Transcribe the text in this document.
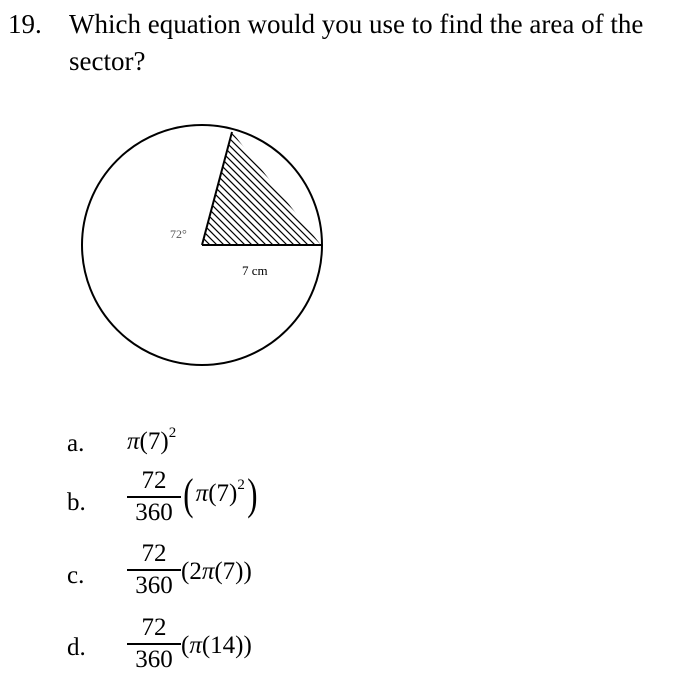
19. Which equation would you use to find the area of the sector?
72°
7 cm
a. $\pi(7)^2$
b.
72
360 $(\pi(7)^2)$
c.
72
360
(2π(7))
d.
72
360
(π(14))
